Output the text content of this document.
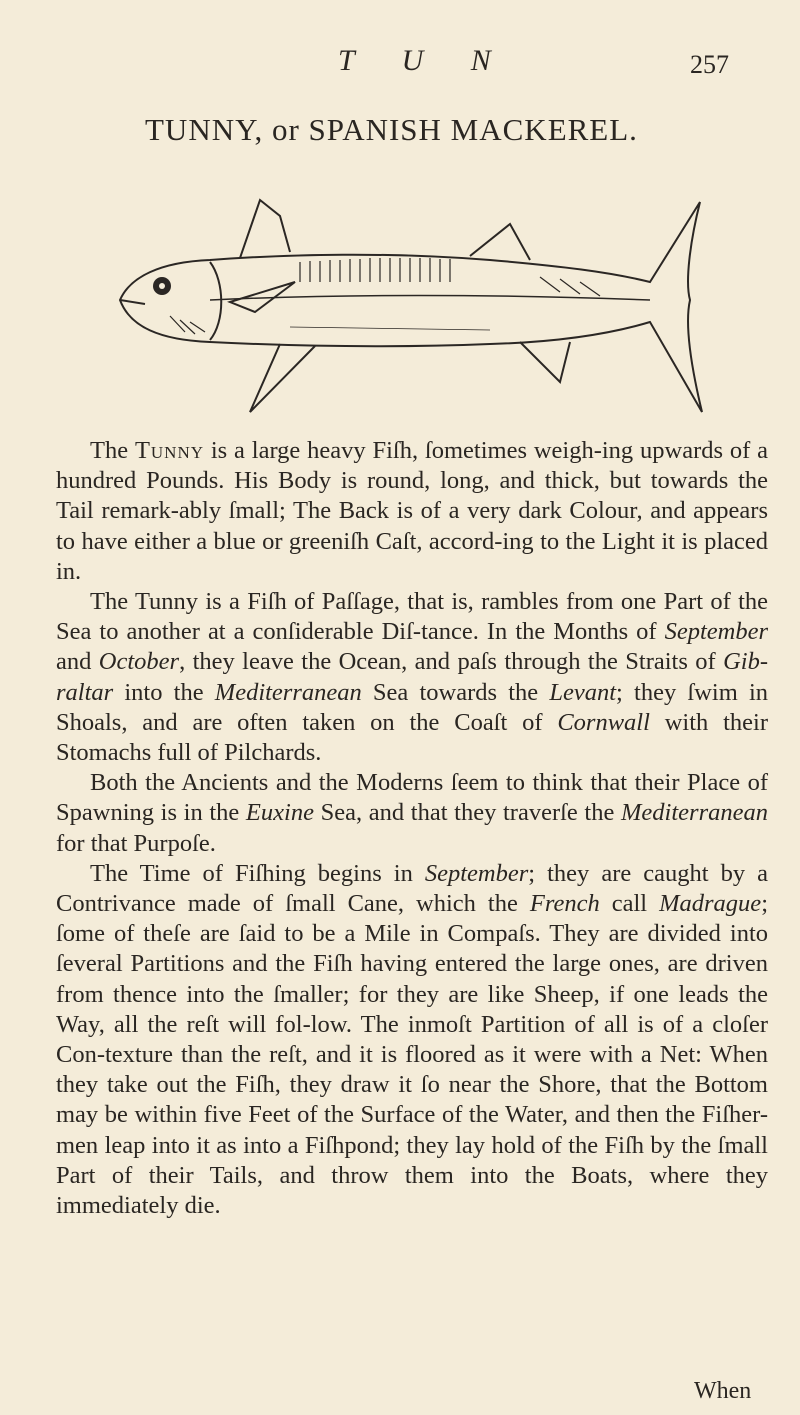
T U N	257
TUNNY, or SPANISH MACKEREL.

The Tunny is a large heavy Fiſh, ſometimes weigh-ing upwards of a hundred Pounds. His Body is round, long, and thick, but towards the Tail remark-ably ſmall; The Back is of a very dark Colour, and appears to have either a blue or greeniſh Caſt, accord-ing to the Light it is placed in.

The Tunny is a Fiſh of Paſſage, that is, rambles from one Part of the Sea to another at a conſiderable Diſ-tance. In the Months of September and October, they leave the Ocean, and paſs through the Straits of Gib-raltar into the Mediterranean Sea towards the Levant; they ſwim in Shoals, and are often taken on the Coaſt of Cornwall with their Stomachs full of Pilchards.

Both the Ancients and the Moderns ſeem to think that their Place of Spawning is in the Euxine Sea, and that they traverſe the Mediterranean for that Purpoſe.

The Time of Fiſhing begins in September; they are caught by a Contrivance made of ſmall Cane, which the French call Madrague; ſome of theſe are ſaid to be a Mile in Compaſs. They are divided into ſeveral Partitions and the Fiſh having entered the large ones, are driven from thence into the ſmaller; for they are like Sheep, if one leads the Way, all the reſt will fol-low. The inmoſt Partition of all is of a cloſer Con-texture than the reſt, and it is floored as it were with a Net: When they take out the Fiſh, they draw it ſo near the Shore, that the Bottom may be within five Feet of the Surface of the Water, and then the Fiſher-men leap into it as into a Fiſhpond; they lay hold of the Fiſh by the ſmall Part of their Tails, and throw them into the Boats, where they immediately die.

When
